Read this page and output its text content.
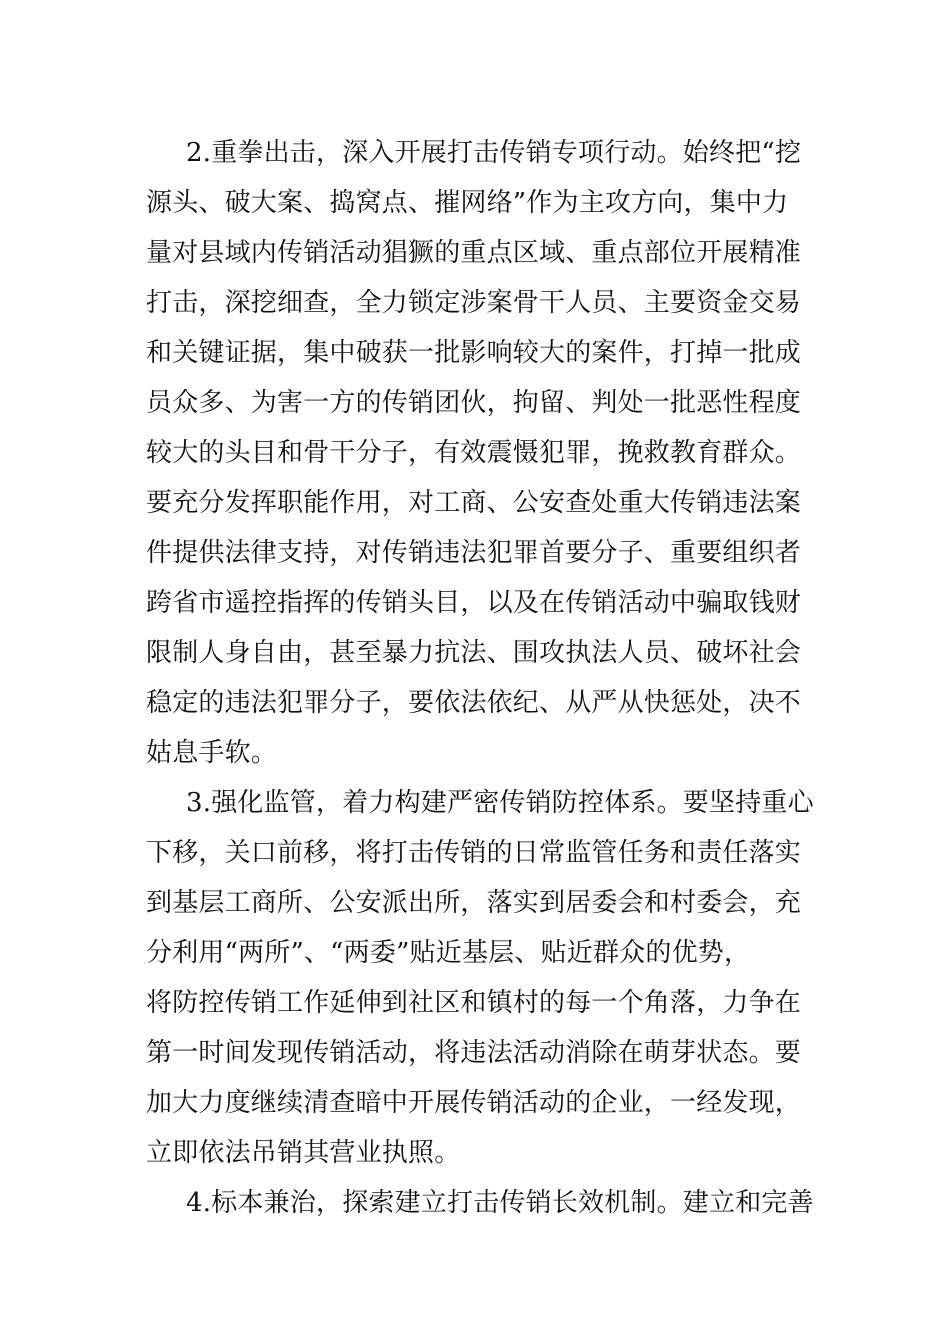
2.重拳出击，深入开展打击传销专项行动。始终把“挖
源头、破大案、捣窝点、摧网络”作为主攻方向，集中力
量对县域内传销活动猖獗的重点区域、重点部位开展精准
打击，深挖细查，全力锁定涉案骨干人员、主要资金交易
和关键证据，集中破获一批影响较大的案件，打掉一批成
员众多、为害一方的传销团伙，拘留、判处一批恶性程度
较大的头目和骨干分子，有效震慑犯罪，挽救教育群众。
要充分发挥职能作用，对工商、公安查处重大传销违法案
件提供法律支持，对传销违法犯罪首要分子、重要组织者
跨省市遥控指挥的传销头目，以及在传销活动中骗取钱财
限制人身自由，甚至暴力抗法、围攻执法人员、破坏社会
稳定的违法犯罪分子，要依法依纪、从严从快惩处，决不
姑息手软。
3.强化监管，着力构建严密传销防控体系。要坚持重心
下移，关口前移，将打击传销的日常监管任务和责任落实
到基层工商所、公安派出所，落实到居委会和村委会，充
分利用“两所”、“两委”贴近基层、贴近群众的优势，
将防控传销工作延伸到社区和镇村的每一个角落，力争在
第一时间发现传销活动，将违法活动消除在萌芽状态。要
加大力度继续清查暗中开展传销活动的企业，一经发现，
立即依法吊销其营业执照。
4.标本兼治，探索建立打击传销长效机制。建立和完善
